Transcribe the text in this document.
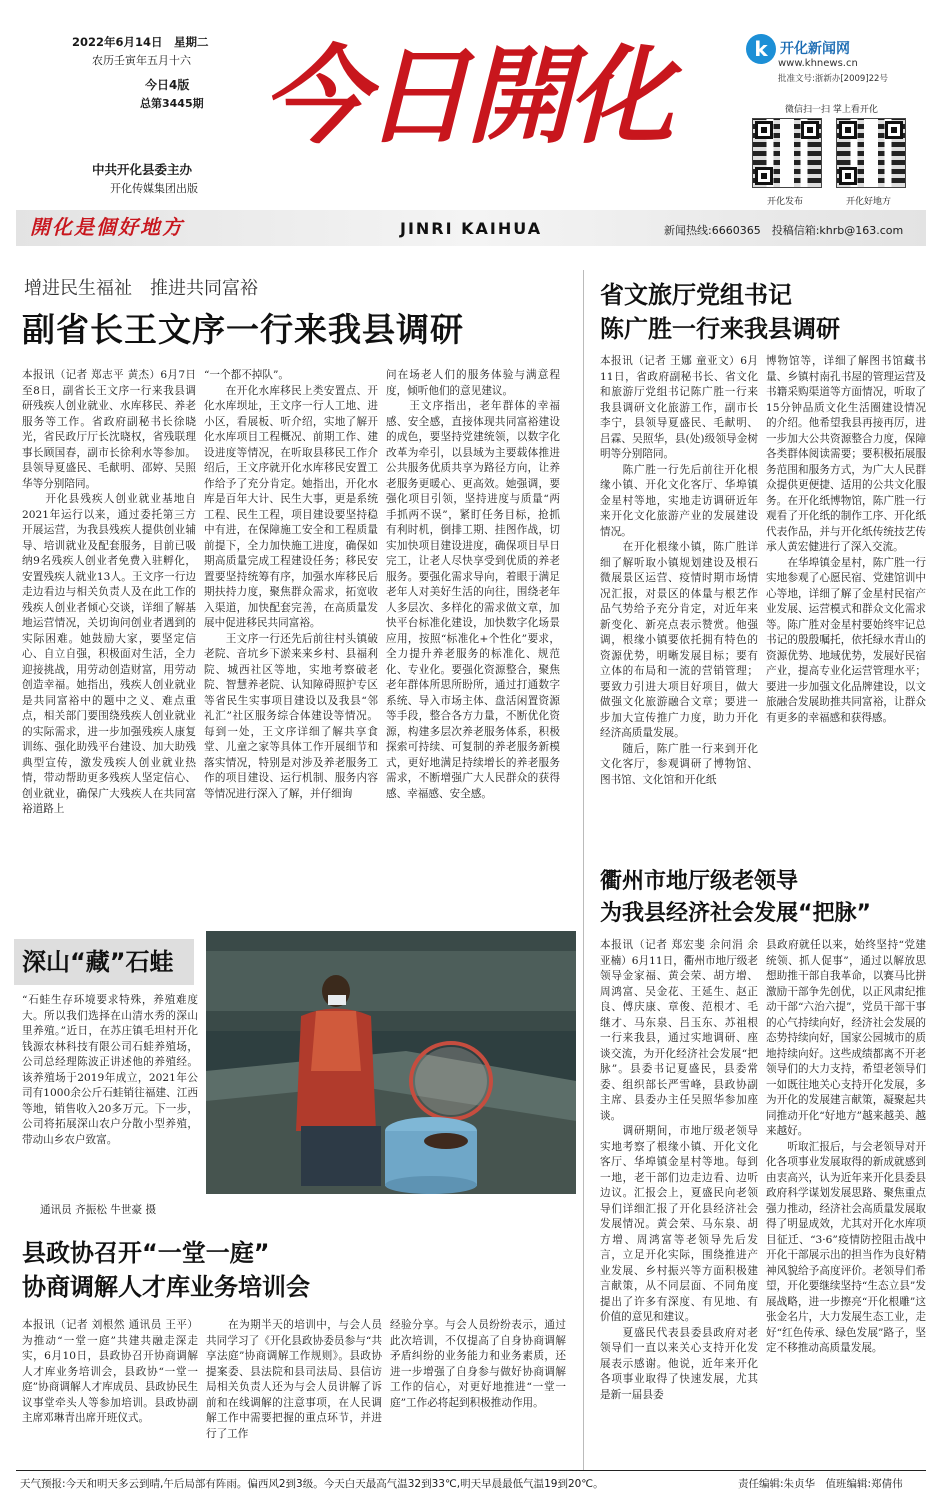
2022年6月14日　星期二
农历壬寅年五月十六
今日4版
总第3445期 今日開化
中共开化县委主办
开化传媒集团出版
k 开化新闻网
www.khnews.cn
批准文号:浙新办[2009]22号
微信扫一扫 掌上看开化
开化发布	开化好地方
開化是個好地方	JINRI KAIHUA	新闻热线:6660365　投稿信箱:khrb@163.com
增进民生福祉　推进共同富裕
副省长王文序一行来我县调研
本报讯（记者 郑志平 黄杰）6月7日至8日，副省长王文序一行来我县调研残疾人创业就业、水库移民、养老服务等工作。省政府副秘书长徐晓光，省民政厅厅长沈晓权，省残联理事长顾国春，副市长徐利水等参加。县领导夏盛民、毛献明、邵婷、吴照华等分别陪同。
　　开化县残疾人创业就业基地自2021年运行以来，通过委托第三方开展运营，为我县残疾人提供创业辅导、培训就业及配套服务，目前已吸纳9名残疾人创业者免费入驻孵化，安置残疾人就业13人。王文序一行边走边看边与相关负责人及在此工作的残疾人创业者倾心交谈，详细了解基地运营情况，关切询问创业者遇到的实际困难。她鼓励大家，要坚定信心、自立自强，积极面对生活，全力迎接挑战，用劳动创造财富，用劳动创造幸福。她指出，残疾人创业就业是共同富裕中的题中之义、难点重点，相关部门要围绕残疾人创业就业的实际需求，进一步加强残疾人康复训练、强化助残平台建设、加大助残典型宣传，激发残疾人创业就业热情，带动帮助更多残疾人坚定信心、创业就业，确保广大残疾人在共同富裕道路上
“一个都不掉队”。
　　在开化水库移民上类安置点、开化水库坝址，王文序一行人工地、进小区，看展板、听介绍，实地了解开化水库项目工程概况、前期工作、建设进度等情况，在听取县移民工作介绍后，王文序就开化水库移民安置工作给予了充分肯定。她指出，开化水库是百年大计、民生大事，更是系统工程、民生工程，项目建设要坚持稳中有进，在保障施工安全和工程质量前提下，全力加快施工进度，确保如期高质量完成工程建设任务；移民安置要坚持统筹有序，加强水库移民后期扶持力度，聚焦群众需求，拓宽收入渠道，加快配套完善，在高质量发展中促进移民共同富裕。
　　王文序一行还先后前往村头镇破老院、音坑乡下淤来来乡村、县福利院、城西社区等地，实地考察破老院、智慧养老院、认知障碍照护专区等省民生实事项目建设以及我县“邻礼汇”社区服务综合体建设等情况。每到一处，王文序详细了解共享食堂、儿童之家等具体工作开展细节和落实情况，特别是对涉及养老服务工作的项目建设、运行机制、服务内容等情况进行深入了解，并仔细询
问在场老人们的服务体验与满意程度，倾听他们的意见建议。
　　王文序指出，老年群体的幸福感、安全感，直接体现共同富裕建设的成色，要坚持党建统领，以数字化改革为牵引，以县域为主要载体推进公共服务优质共享为路径方向，让养老服务更暖心、更高效。她强调，要强化项目引领，坚持进度与质量“两手抓两不误”，紧盯任务目标，抢抓有利时机，倒排工期、挂图作战，切实加快项目建设进度，确保项目早日完工，让老人尽快享受到优质的养老服务。要强化需求导向，着眼于满足老年人对美好生活的向往，围绕老年人多层次、多样化的需求做文章，加快平台标准化建设，加快数字化场景应用，按照“标准化+个性化”要求，全力提升养老服务的标准化、规范化、专业化。要强化资源整合，聚焦老年群体所思所盼所，通过打通数字系统、导入市场主体、盘活闲置资源等手段，整合各方力量，不断优化资源，构建多层次养老服务体系，积极探索可持续、可复制的养老服务新模式，更好地满足持续增长的养老服务需求，不断增强广大人民群众的获得感、幸福感、安全感。
深山“藏”石蛙
“石蛙生存环境要求特殊，养殖难度大。所以我们选择在山清水秀的深山里养殖。”近日，在苏庄镇毛坦村开化钱源农林科技有限公司石蛙养殖场，公司总经理陈波正讲述他的养殖经。该养殖场于2019年成立，2021年公司有1000余公斤石蛙销往福建、江西等地，销售收入20多万元。下一步，公司将拓展深山农户分散小型养殖，带动山乡农户致富。
通讯员 齐振松 牛世豪 摄
省文旅厅党组书记
陈广胜一行来我县调研
本报讯（记者 王娜 童亚文）6月11日，省政府副秘书长、省文化和旅游厅党组书记陈广胜一行来我县调研文化旅游工作，副市长李宁，县领导夏盛民、毛献明、吕霖、吴照华，县(处)级领导金树明等分别陪同。
　　陈广胜一行先后前往开化根缘小镇、开化文化客厅、华埠镇金星村等地，实地走访调研近年来开化文化旅游产业的发展建设情况。
　　在开化根缘小镇，陈广胜详细了解听取小镇规划建设及根石微展景区运营、疫情时期市场情况汇报，对景区的体量与根艺作品气势给予充分肯定，对近年来新变化、新亮点表示赞赏。他强调，根缘小镇要依托拥有特色的资源优势，明晰发展目标；要有立体的布局和一流的营销管理；要致力引进大项目好项目，做大做强文化旅游融合文章；要进一步加大宣传推广力度，助力开化经济高质量发展。
　　随后，陈广胜一行来到开化文化客厅，参观调研了博物馆、图书馆、文化馆和开化纸
博物馆等，详细了解图书馆藏书量、乡镇村南孔书屋的管理运营及书籍采购渠道等方面情况，听取了15分钟品质文化生活圈建设情况的介绍。他希望我县再接再厉，进一步加大公共资源整合力度，保障各类群体阅读需要；要积极拓展服务范围和服务方式，为广大人民群众提供更便捷、适用的公共文化服务。在开化纸博物馆，陈广胜一行观看了开化纸的制作工序、开化纸代表作品，并与开化纸传统技艺传承人黄宏健进行了深入交流。
　　在华埠镇金星村，陈广胜一行实地参观了心愿民宿、党建馆训中心等地，详细了解了金星村民宿产业发展、运营模式和群众文化需求等。陈广胜对金星村要始终牢记总书记的殷殷嘱托，依托绿水青山的资源优势、地域优势，发展好民宿产业，提高专业化运营管理水平；要进一步加强文化品牌建设，以文旅融合发展助推共同富裕，让群众有更多的幸福感和获得感。
衢州市地厅级老领导
为我县经济社会发展“把脉”
本报讯（记者 郑宏斐 余问涓 余亚楠）6月11日，衢州市地厅级老领导金家福、黄会荣、胡方增、周鸿富、吴金花、王延生、赵正良、傅庆康、章俊、范根才、毛继才、马东泉、吕玉东、苏祖根一行来我县，通过实地调研、座谈交流，为开化经济社会发展“把脉”。县委书记夏盛民，县委常委、组织部长严雪峰，县政协副主席、县委办主任吴照华参加座谈。
　　调研期间，市地厅级老领导实地考察了根缘小镇、开化文化客厅、华埠镇金星村等地。每到一地，老干部们边走边看、边听边议。汇报会上，夏盛民向老领导们详细汇报了开化县经济社会发展情况。黄会荣、马东泉、胡方增、周鸿富等老领导先后发言，立足开化实际，围绕推进产业发展、乡村振兴等方面积极建言献策，从不同层面、不同角度提出了许多有深度、有见地、有价值的意见和建议。
　　夏盛民代表县委县政府对老领导们一直以来关心支持开化发展表示感谢。他说，近年来开化各项事业取得了快速发展，尤其是新一届县委
县政府就任以来，始终坚持“党建统领、抓人促事”，通过以解放思想助推干部自我革命，以赛马比拼激励干部争先创优，以正风肃纪推动干部“六治六提”，党员干部干事的心气持续向好，经济社会发展的态势持续向好，国家公园城市的质地持续向好。这些成绩都离不开老领导们的大力支持，希望老领导们一如既往地关心支持开化发展，多为开化的发展建言献策，凝聚起共同推动开化“好地方”越来越美、越来越好。
　　听取汇报后，与会老领导对开化各项事业发展取得的新成就感到由衷高兴，认为近年来开化县委县政府科学谋划发展思路、聚焦重点强力推动，经济社会高质量发展取得了明显成效，尤其对开化水库项目征迁、“3·6”疫情防控阻击战中开化干部展示出的担当作为良好精神风貌给予高度评价。老领导们希望，开化要继续坚持“生态立县”发展战略，进一步擦亮“开化根雕”这张金名片，大力发展生态工业，走好“红色传承、绿色发展”路子，坚定不移推动高质量发展。
县政协召开“一堂一庭”
协商调解人才库业务培训会
本报讯（记者 刘根然 通讯员 王平）为推动“一堂一庭”共建共融走深走实，6月10日，县政协召开协商调解人才库业务培训会，县政协“一堂一庭”协商调解人才库成员、县政协民生议事堂牵头人等参加培训。县政协副主席邓琳青出席开班仪式。
　　在为期半天的培训中，与会人员共同学习了《开化县政协委员参与“共享法庭”协商调解工作规则》。县政协提案委、县法院和县司法局、县信访局相关负责人还为与会人员讲解了诉前和在线调解的注意事项，在人民调解工作中需要把握的重点环节，并进行了工作
经验分享。与会人员纷纷表示，通过此次培训，不仅提高了自身协商调解矛盾纠纷的业务能力和业务素质，还进一步增强了自身参与做好协商调解工作的信心，对更好地推进“一堂一庭”工作必将起到积极推动作用。
天气预报:今天和明天多云到晴,午后局部有阵雨。偏西风2到3级。今天白天最高气温32到33℃,明天早晨最低气温19到20℃。	责任编辑:朱贞华　值班编辑:郑倩伟
